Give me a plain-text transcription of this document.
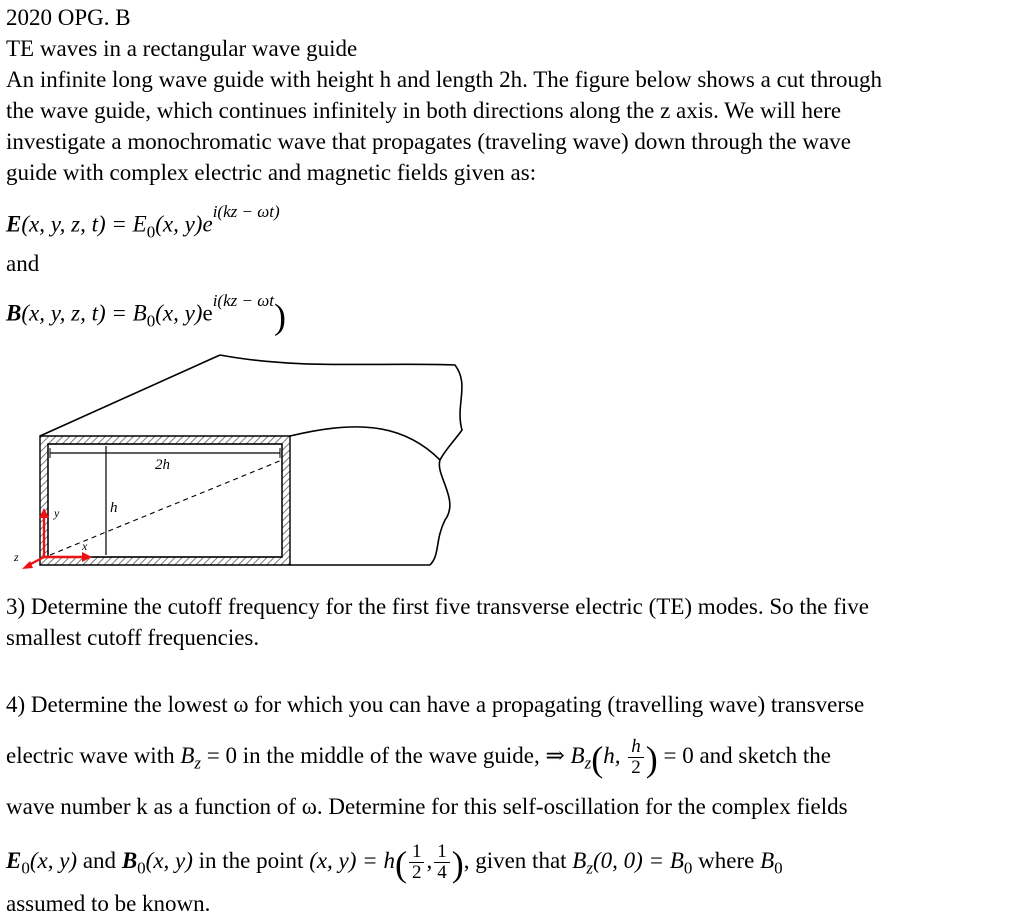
2020 OPG. B
TE waves in a rectangular wave guide
An infinite long wave guide with height h and length 2h. The figure below shows a cut through
the wave guide, which continues infinitely in both directions along the z axis. We will here
investigate a monochromatic wave that propagates (traveling wave) down through the wave
guide with complex electric and magnetic fields given as:
E(x, y, z, $t) = E_0(x$, $y)e^{i(kz - \omega t)}$
and
B(x, y, z, $t) = B_0(x$, $y)e^{i(kz - \omega t}$)
2h
h
y
x
z
3) Determine the cutoff frequency for the first five transverse electric (TE) modes. So the five
smallest cutoff frequencies.
4) Determine the lowest ω for which you can have a propagating (travelling wave) transverse
electric wave with $B_z = 0$ in the middle of the wave guide, ⇒ $B_z(h$, $\frac{h}{2}$ ) = 0 and sketch the
wave number k as a function of ω. Determine for this self-oscillation for the complex fields
$E_0(x$, y) and $B_0(x$, y) in the point (x, $y) = h( \frac{1}{2}$ , $\frac{1}{4}$ ), given that $B_z(0$, $0) = B_0$ where $B_0$
assumed to be known.
